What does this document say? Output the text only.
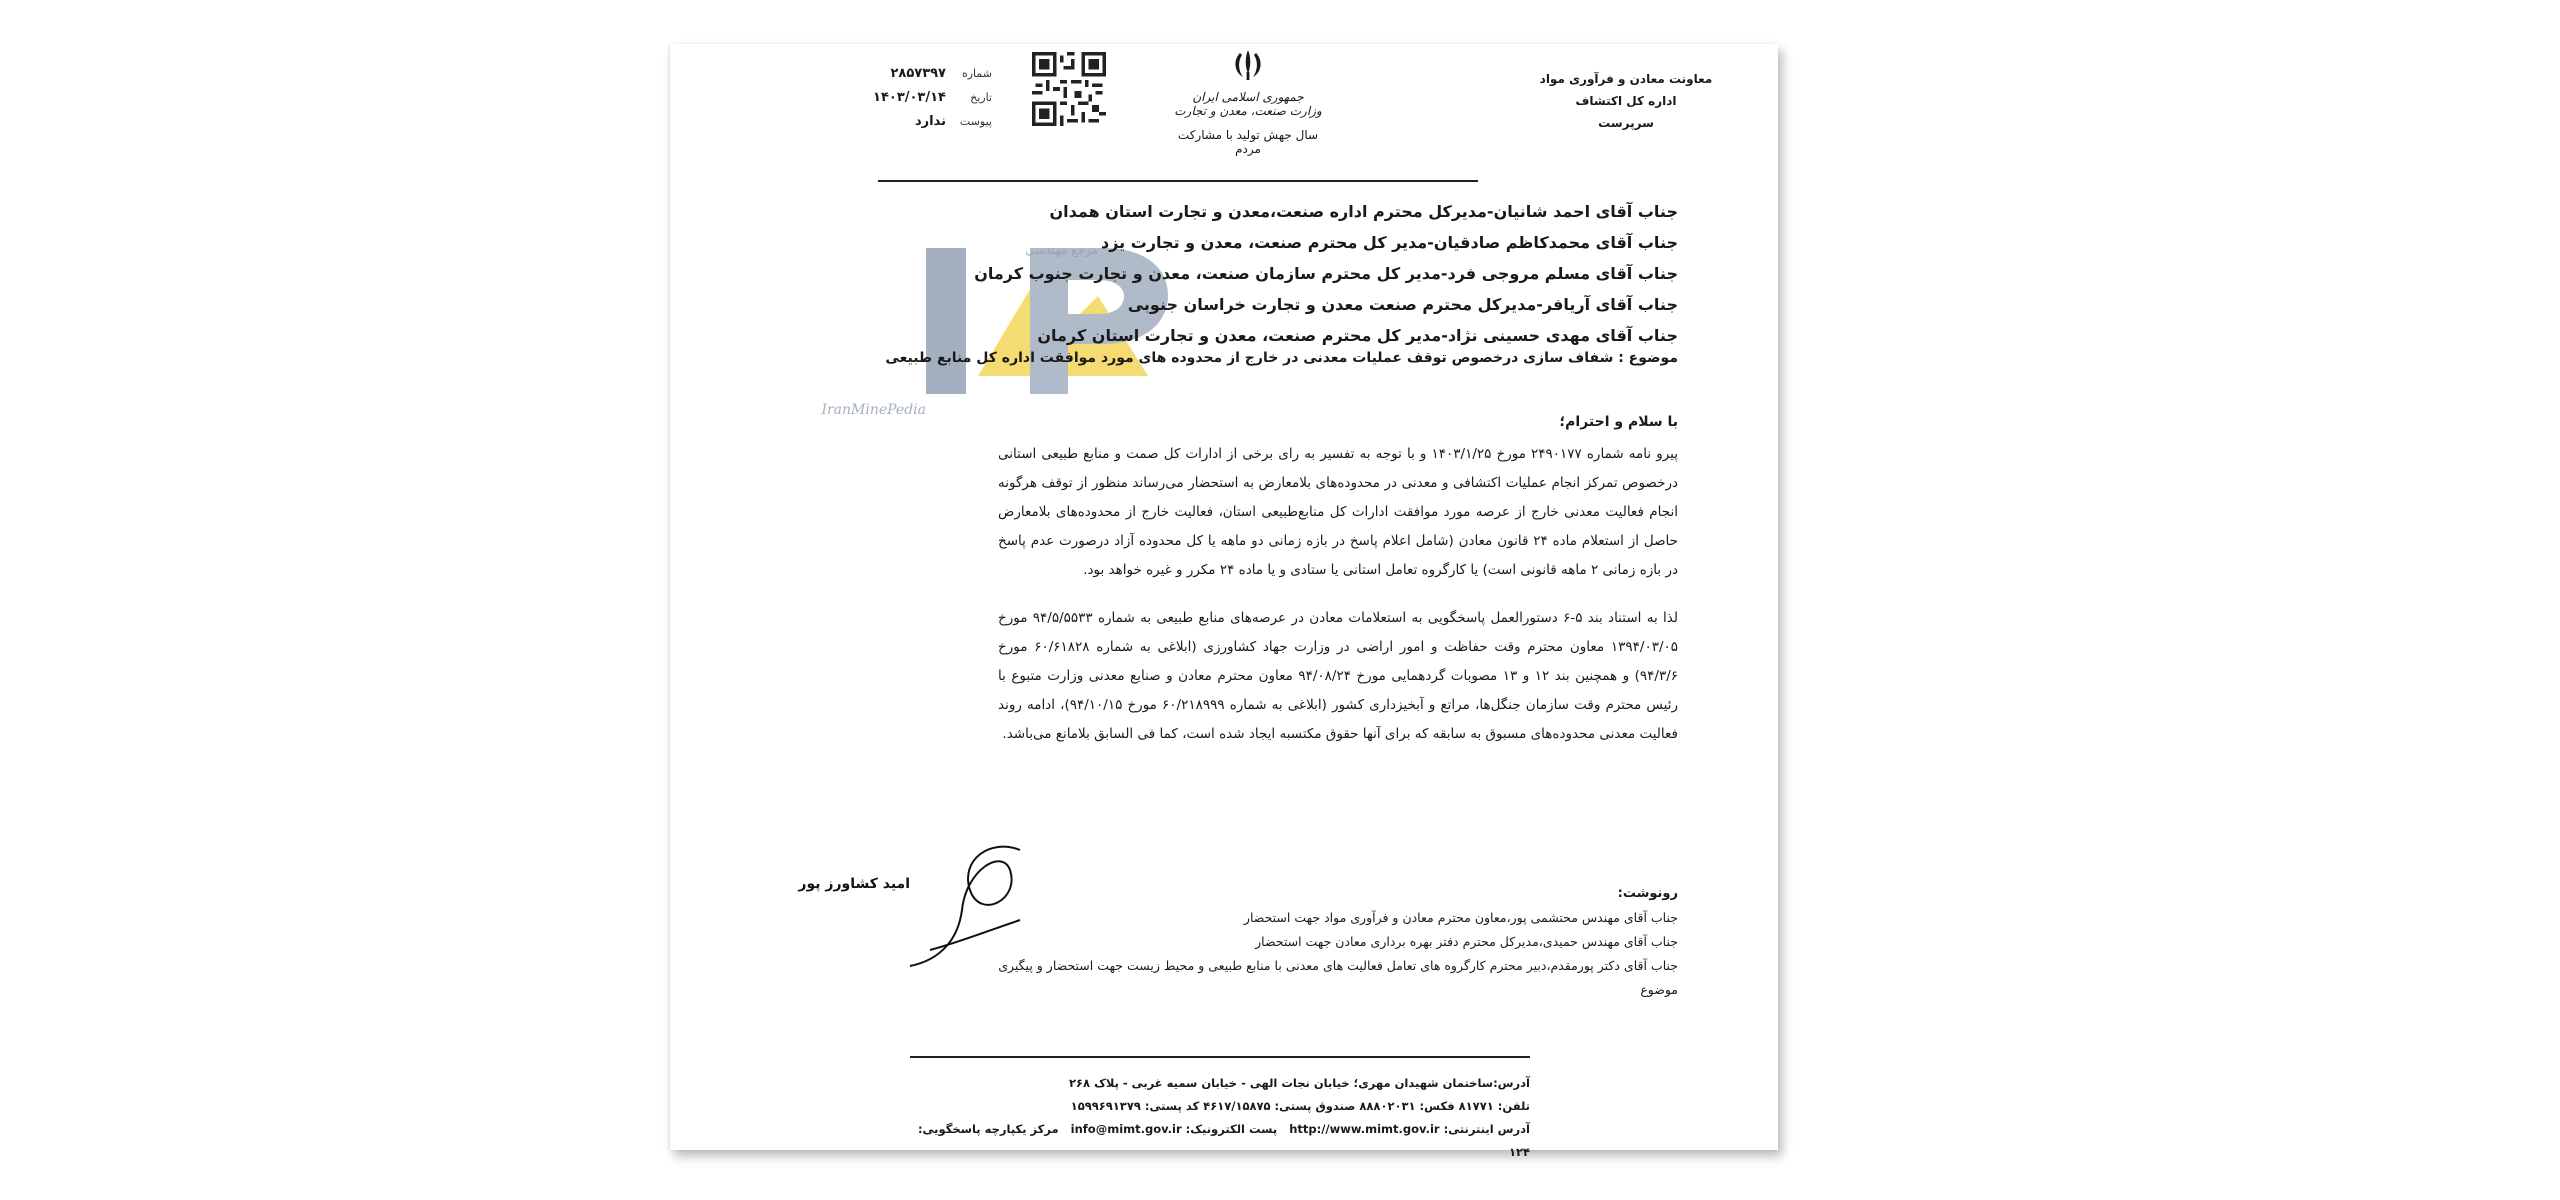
معاونت معادن و فرآوری مواد
اداره کل اکتشاف
سرپرست
جمهوری اسلامی ایران
وزارت صنعت، معدن و تجارت
سال جهش تولید با مشارکت مردم
شماره
۲۸۵۷۳۹۷
تاریخ
۱۴۰۳/۰۳/۱۴
پیوست
ندارد
مرجع مهندسی
IranMinePedia
جناب آقای احمد شانیان-مدیرکل محترم اداره صنعت،معدن و تجارت استان همدان
جناب آقای محمدکاظم صادقیان-مدیر کل محترم صنعت، معدن و تجارت یزد
جناب آقای مسلم مروجی فرد-مدیر کل محترم سازمان صنعت، معدن و تجارت جنوب کرمان
جناب آقای آریافر-مدیرکل محترم صنعت معدن و تجارت خراسان جنوبی
جناب آقای مهدی حسینی نژاد-مدیر کل محترم صنعت، معدن و تجارت استان کرمان
موضوع : شفاف سازی درخصوص توقف عملیات معدنی در خارج از محدوده های مورد موافقت اداره کل منابع طبیعی
با سلام و احترام؛
پیرو نامه شماره ۲۴۹۰۱۷۷ مورخ ۱۴۰۳/۱/۲۵ و با توجه به تفسیر به رای برخی از ادارات کل صمت و منابع طبیعی استانی درخصوص تمرکز انجام عملیات اکتشافی و معدنی در محدوده‌های بلامعارض به استحضار می‌رساند منظور از توقف هرگونه انجام فعالیت معدنی خارج از عرصه مورد موافقت ادارات کل منابع‌طبیعی استان، فعالیت خارج از محدوده‌های بلامعارض حاصل از استعلام ماده ۲۴ قانون معادن (شامل اعلام پاسخ در بازه زمانی دو ماهه یا کل محدوده آزاد درصورت عدم پاسخ در بازه زمانی ۲ ماهه قانونی است) یا کارگروه تعامل استانی یا ستادی و یا ماده ۲۴ مکرر و غیره خواهد بود.
لذا به استناد بند ۵-۶ دستورالعمل پاسخگویی به استعلامات معادن در عرصه‌های منابع طبیعی به شماره ۹۴/۵/۵۵۳۳ مورخ ۱۳۹۴/۰۳/۰۵ معاون محترم وقت حفاظت و امور اراضی در وزارت جهاد کشاورزی (ابلاغی به شماره ۶۰/۶۱۸۲۸ مورخ ۹۴/۳/۶) و همچنین بند ۱۲ و ۱۳ مصوبات گردهمایی مورخ ۹۴/۰۸/۲۴ معاون محترم معادن و صنایع معدنی وزارت متبوع با رئیس محترم وقت سازمان جنگل‌ها، مراتع و آبخیزداری کشور (ابلاغی به شماره ۶۰/۲۱۸۹۹۹ مورخ ۹۴/۱۰/۱۵)، ادامه روند فعالیت معدنی محدوده‌های مسبوق به سابقه که برای آنها حقوق مکتسبه ایجاد شده است، کما فی السابق بلامانع می‌باشد.
امید کشاورز پور
رونوشت:
جناب آقای مهندس محتشمی پور،معاون محترم معادن و فرآوری مواد جهت استحضار
جناب آقای مهندس حمیدی،مدیرکل محترم دفتر بهره برداری معادن جهت استحضار
جناب آقای دکتر پورمقدم،دبیر محترم کارگروه های تعامل فعالیت های معدنی با منابع طبیعی و محیط زیست جهت استحضار و پیگیری موضوع
آدرس:ساختمان شهیدان مهری؛ خیابان نجات الهی - خیابان سمیه غربی - پلاک ۲۶۸
تلفن: ۸۱۷۷۱ فکس: ۸۸۸۰۲۰۳۱ صندوق پستی: ۴۶۱۷/۱۵۸۷۵ کد پستی: ۱۵۹۹۶۹۱۳۷۹
آدرس اینترنتی: http://www.mimt.gov.ir   پست الکترونیک: info@mimt.gov.ir   مرکز یکپارچه پاسخگویی: ۱۲۴
